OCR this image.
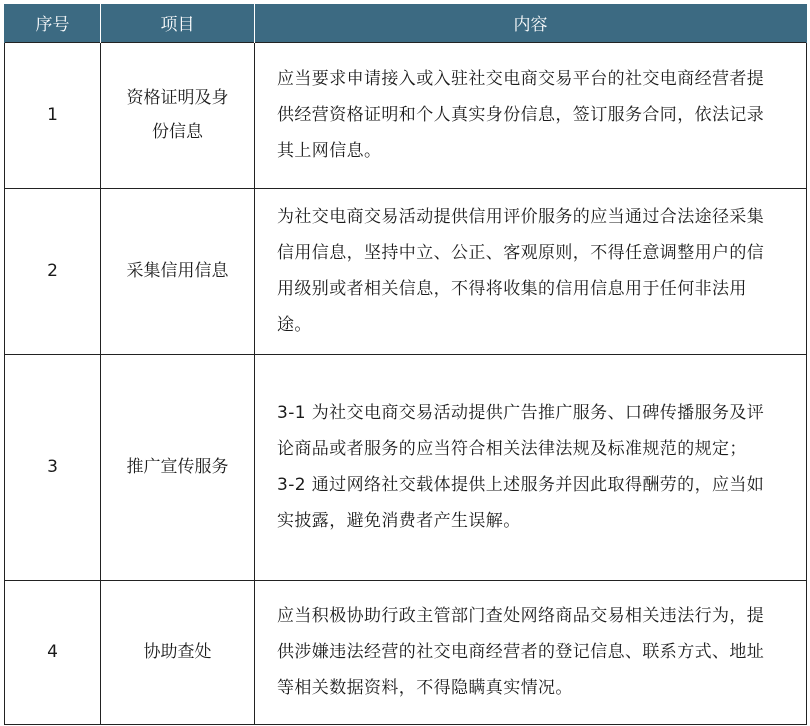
序号	项目	内容
1	资格证明及身份信息	应当要求申请接入或入驻社交电商交易平台的社交电商经营者提供经营资格证明和个人真实身份信息，签订服务合同，依法记录其上网信息。

2	采集信用信息	为社交电商交易活动提供信用评价服务的应当通过合法途径采集信用信息，坚持中立、公正、客观原则，不得任意调整用户的信用级别或者相关信息，不得将收集的信用信息用于任何非法用途。

3	推广宣传服务	3-1 为社交电商交易活动提供广告推广服务、口碑传播服务及评论商品或者服务的应当符合相关法律法规及标准规范的规定；
3-2 通过网络社交载体提供上述服务并因此取得酬劳的，应当如实披露，避免消费者产生误解。

4	协助查处	应当积极协助行政主管部门查处网络商品交易相关违法行为，提供涉嫌违法经营的社交电商经营者的登记信息、联系方式、地址等相关数据资料，不得隐瞒真实情况。
